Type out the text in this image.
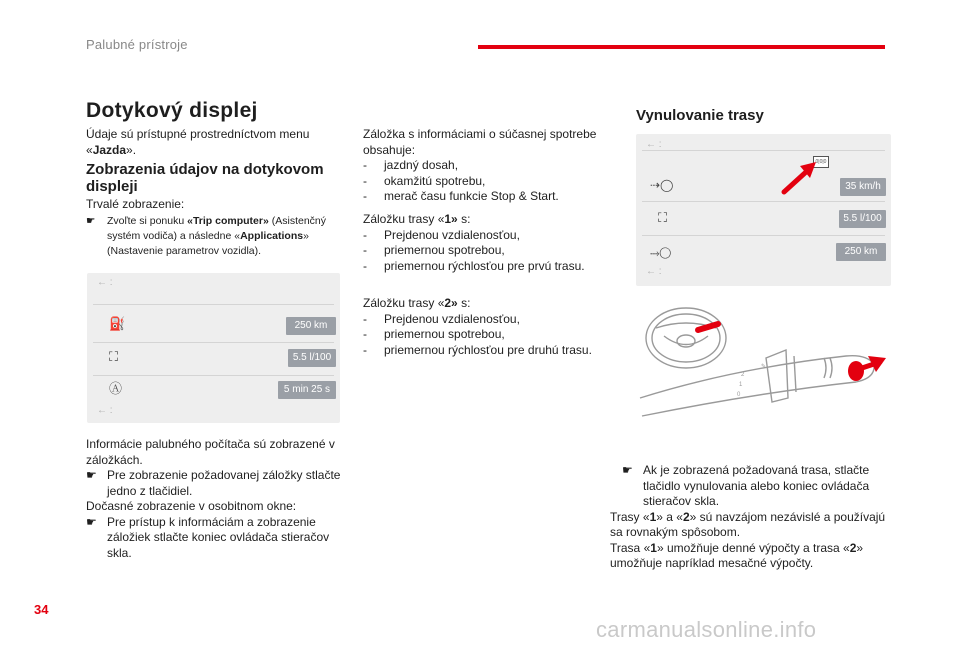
Palubné prístroje
Dotykový displej
Údaje sú prístupné prostredníctvom menu
«Jazda».
Zobrazenia údajov na dotykovom displeji
Trvalé zobrazenie:
☛ Zvoľte si ponuku «Trip computer» (Asistenčný systém vodiča) a následne «Applications» (Nastavenie parametrov vozidla).
← :
⛽	250 km
⛶	5.5 l/100
Ⓐ	5 min 25 s
← :
Informácie palubného počítača sú zobrazené v záložkách.
☛ Pre zobrazenie požadovanej záložky stlačte jedno z tlačidiel.
Dočasné zobrazenie v osobitnom okne:
☛ Pre prístup k informáciám a zobrazenie záložiek stlačte koniec ovládača stieračov skla.
Záložka s informáciami o súčasnej spotrebe obsahuje:
- jazdný dosah,
- okamžitú spotrebu,
- merač času funkcie Stop & Start.
Záložku trasy «1» s:
- Prejdenou vzdialenosťou,
- priemernou spotrebou,
- priemernou rýchlosťou pre prvú trasu.
Záložku trasy «2» s:
- Prejdenou vzdialenosťou,
- priemernou spotrebou,
- priemernou rýchlosťou pre druhú trasu.
Vynulovanie trasy
← :
0|0|0
⇢◯	35 km/h
⛶	5.5 l/100
⤑◯	250 km
← :
2
1
0
✎
☛ Ak je zobrazená požadovaná trasa, stlačte tlačidlo vynulovania alebo koniec ovládača stieračov skla.
Trasy «1» a «2» sú navzájom nezávislé a používajú sa rovnakým spôsobom.
Trasa «1» umožňuje denné výpočty a trasa «2» umožňuje napríklad mesačné výpočty.
34
carmanualsonline.info
